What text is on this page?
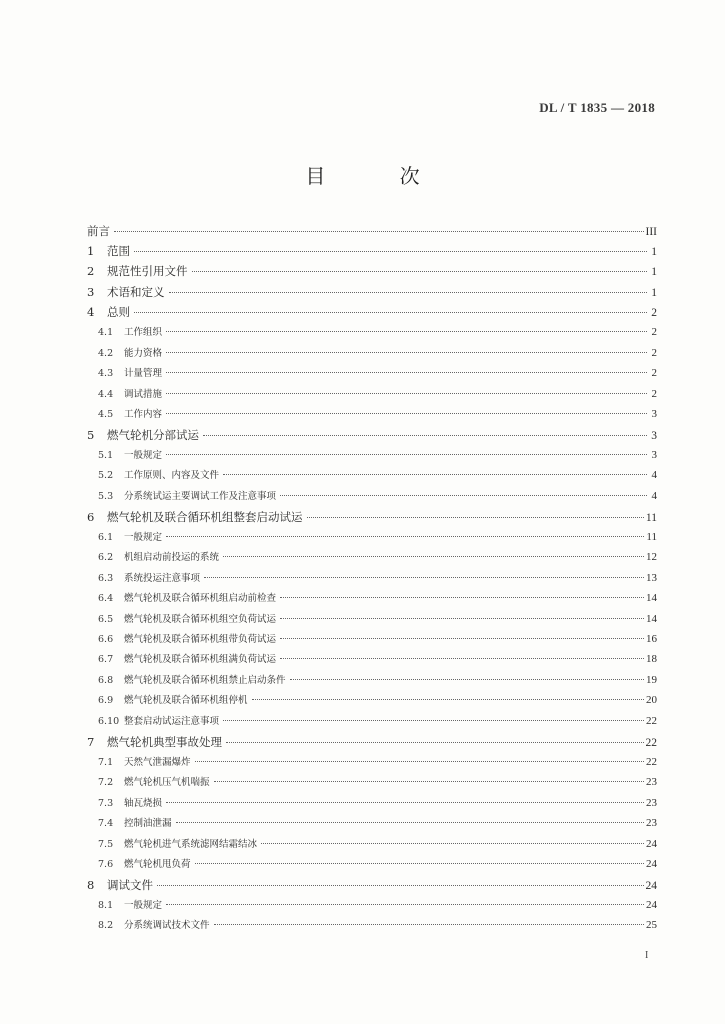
DL / T 1835 — 2018
目 次
前言	III
1	范围	1
2	规范性引用文件	1
3	术语和定义	1
4	总则	2
4.1	工作组织	2
4.2	能力资格	2
4.3	计量管理	2
4.4	调试措施	2
4.5	工作内容	3
5	燃气轮机分部试运	3
5.1	一般规定	3
5.2	工作原则、内容及文件	4
5.3	分系统试运主要调试工作及注意事项	4
6	燃气轮机及联合循环机组整套启动试运	11
6.1	一般规定	11
6.2	机组启动前投运的系统	12
6.3	系统投运注意事项	13
6.4	燃气轮机及联合循环机组启动前检查	14
6.5	燃气轮机及联合循环机组空负荷试运	14
6.6	燃气轮机及联合循环机组带负荷试运	16
6.7	燃气轮机及联合循环机组满负荷试运	18
6.8	燃气轮机及联合循环机组禁止启动条件	19
6.9	燃气轮机及联合循环机组停机	20
6.10 整套启动试运注意事项	22
7	燃气轮机典型事故处理	22
7.1	天然气泄漏爆炸	22
7.2	燃气轮机压气机喘振	23
7.3	轴瓦烧损	23
7.4	控制油泄漏	23
7.5	燃气轮机进气系统滤网结霜结冰	24
7.6	燃气轮机甩负荷	24
8	调试文件	24
8.1	一般规定	24
8.2	分系统调试技术文件	25
I
